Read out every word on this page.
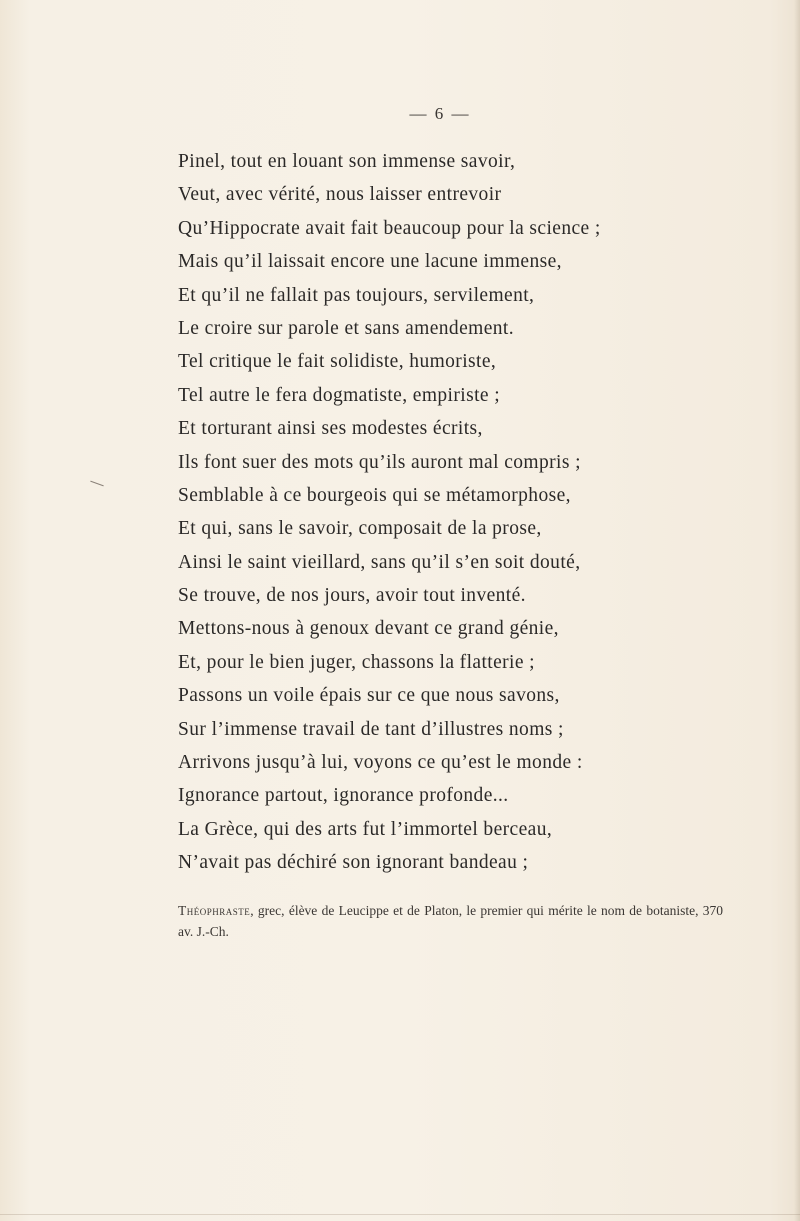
— 6 —
Pinel, tout en louant son immense savoir,
Veut, avec vérité, nous laisser entrevoir
Qu’Hippocrate avait fait beaucoup pour la science ;
Mais qu’il laissait encore une lacune immense,
Et qu’il ne fallait pas toujours, servilement,
Le croire sur parole et sans amendement.
Tel critique le fait solidiste, humoriste,
Tel autre le fera dogmatiste, empiriste ;
Et torturant ainsi ses modestes écrits,
Ils font suer des mots qu’ils auront mal compris ;
Semblable à ce bourgeois qui se métamorphose,
Et qui, sans le savoir, composait de la prose,
Ainsi le saint vieillard, sans qu’il s’en soit douté,
Se trouve, de nos jours, avoir tout inventé.
Mettons-nous à genoux devant ce grand génie,
Et, pour le bien juger, chassons la flatterie ;
Passons un voile épais sur ce que nous savons,
Sur l’immense travail de tant d’illustres noms ;
Arrivons jusqu’à lui, voyons ce qu’est le monde :
Ignorance partout, ignorance profonde...
La Grèce, qui des arts fut l’immortel berceau,
N’avait pas déchiré son ignorant bandeau ;
Théophraste, grec, élève de Leucippe et de Platon, le premier qui mérite le nom de botaniste, 370 av. J.-Ch.
